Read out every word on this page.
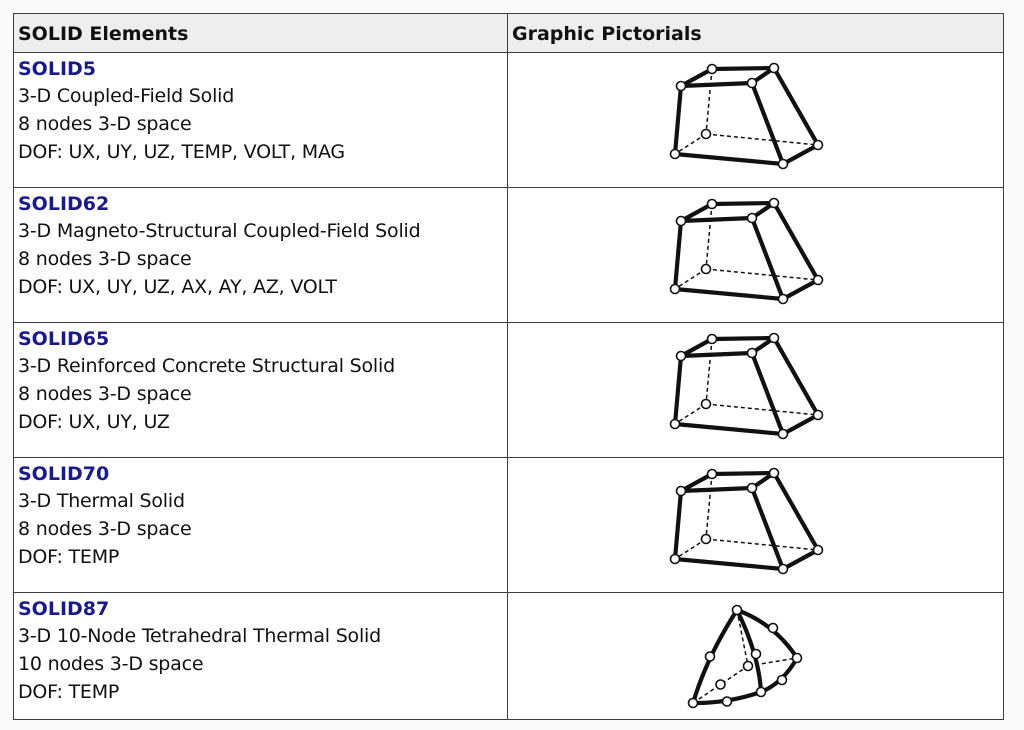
SOLID Elements	Graphic Pictorials

SOLID5
3-D Coupled-Field Solid
8 nodes 3-D space
DOF: UX, UY, UZ, TEMP, VOLT, MAG

SOLID62
3-D Magneto-Structural Coupled-Field Solid
8 nodes 3-D space
DOF: UX, UY, UZ, AX, AY, AZ, VOLT

SOLID65
3-D Reinforced Concrete Structural Solid
8 nodes 3-D space
DOF: UX, UY, UZ

SOLID70
3-D Thermal Solid
8 nodes 3-D space
DOF: TEMP

SOLID87
3-D 10-Node Tetrahedral Thermal Solid
10 nodes 3-D space
DOF: TEMP
